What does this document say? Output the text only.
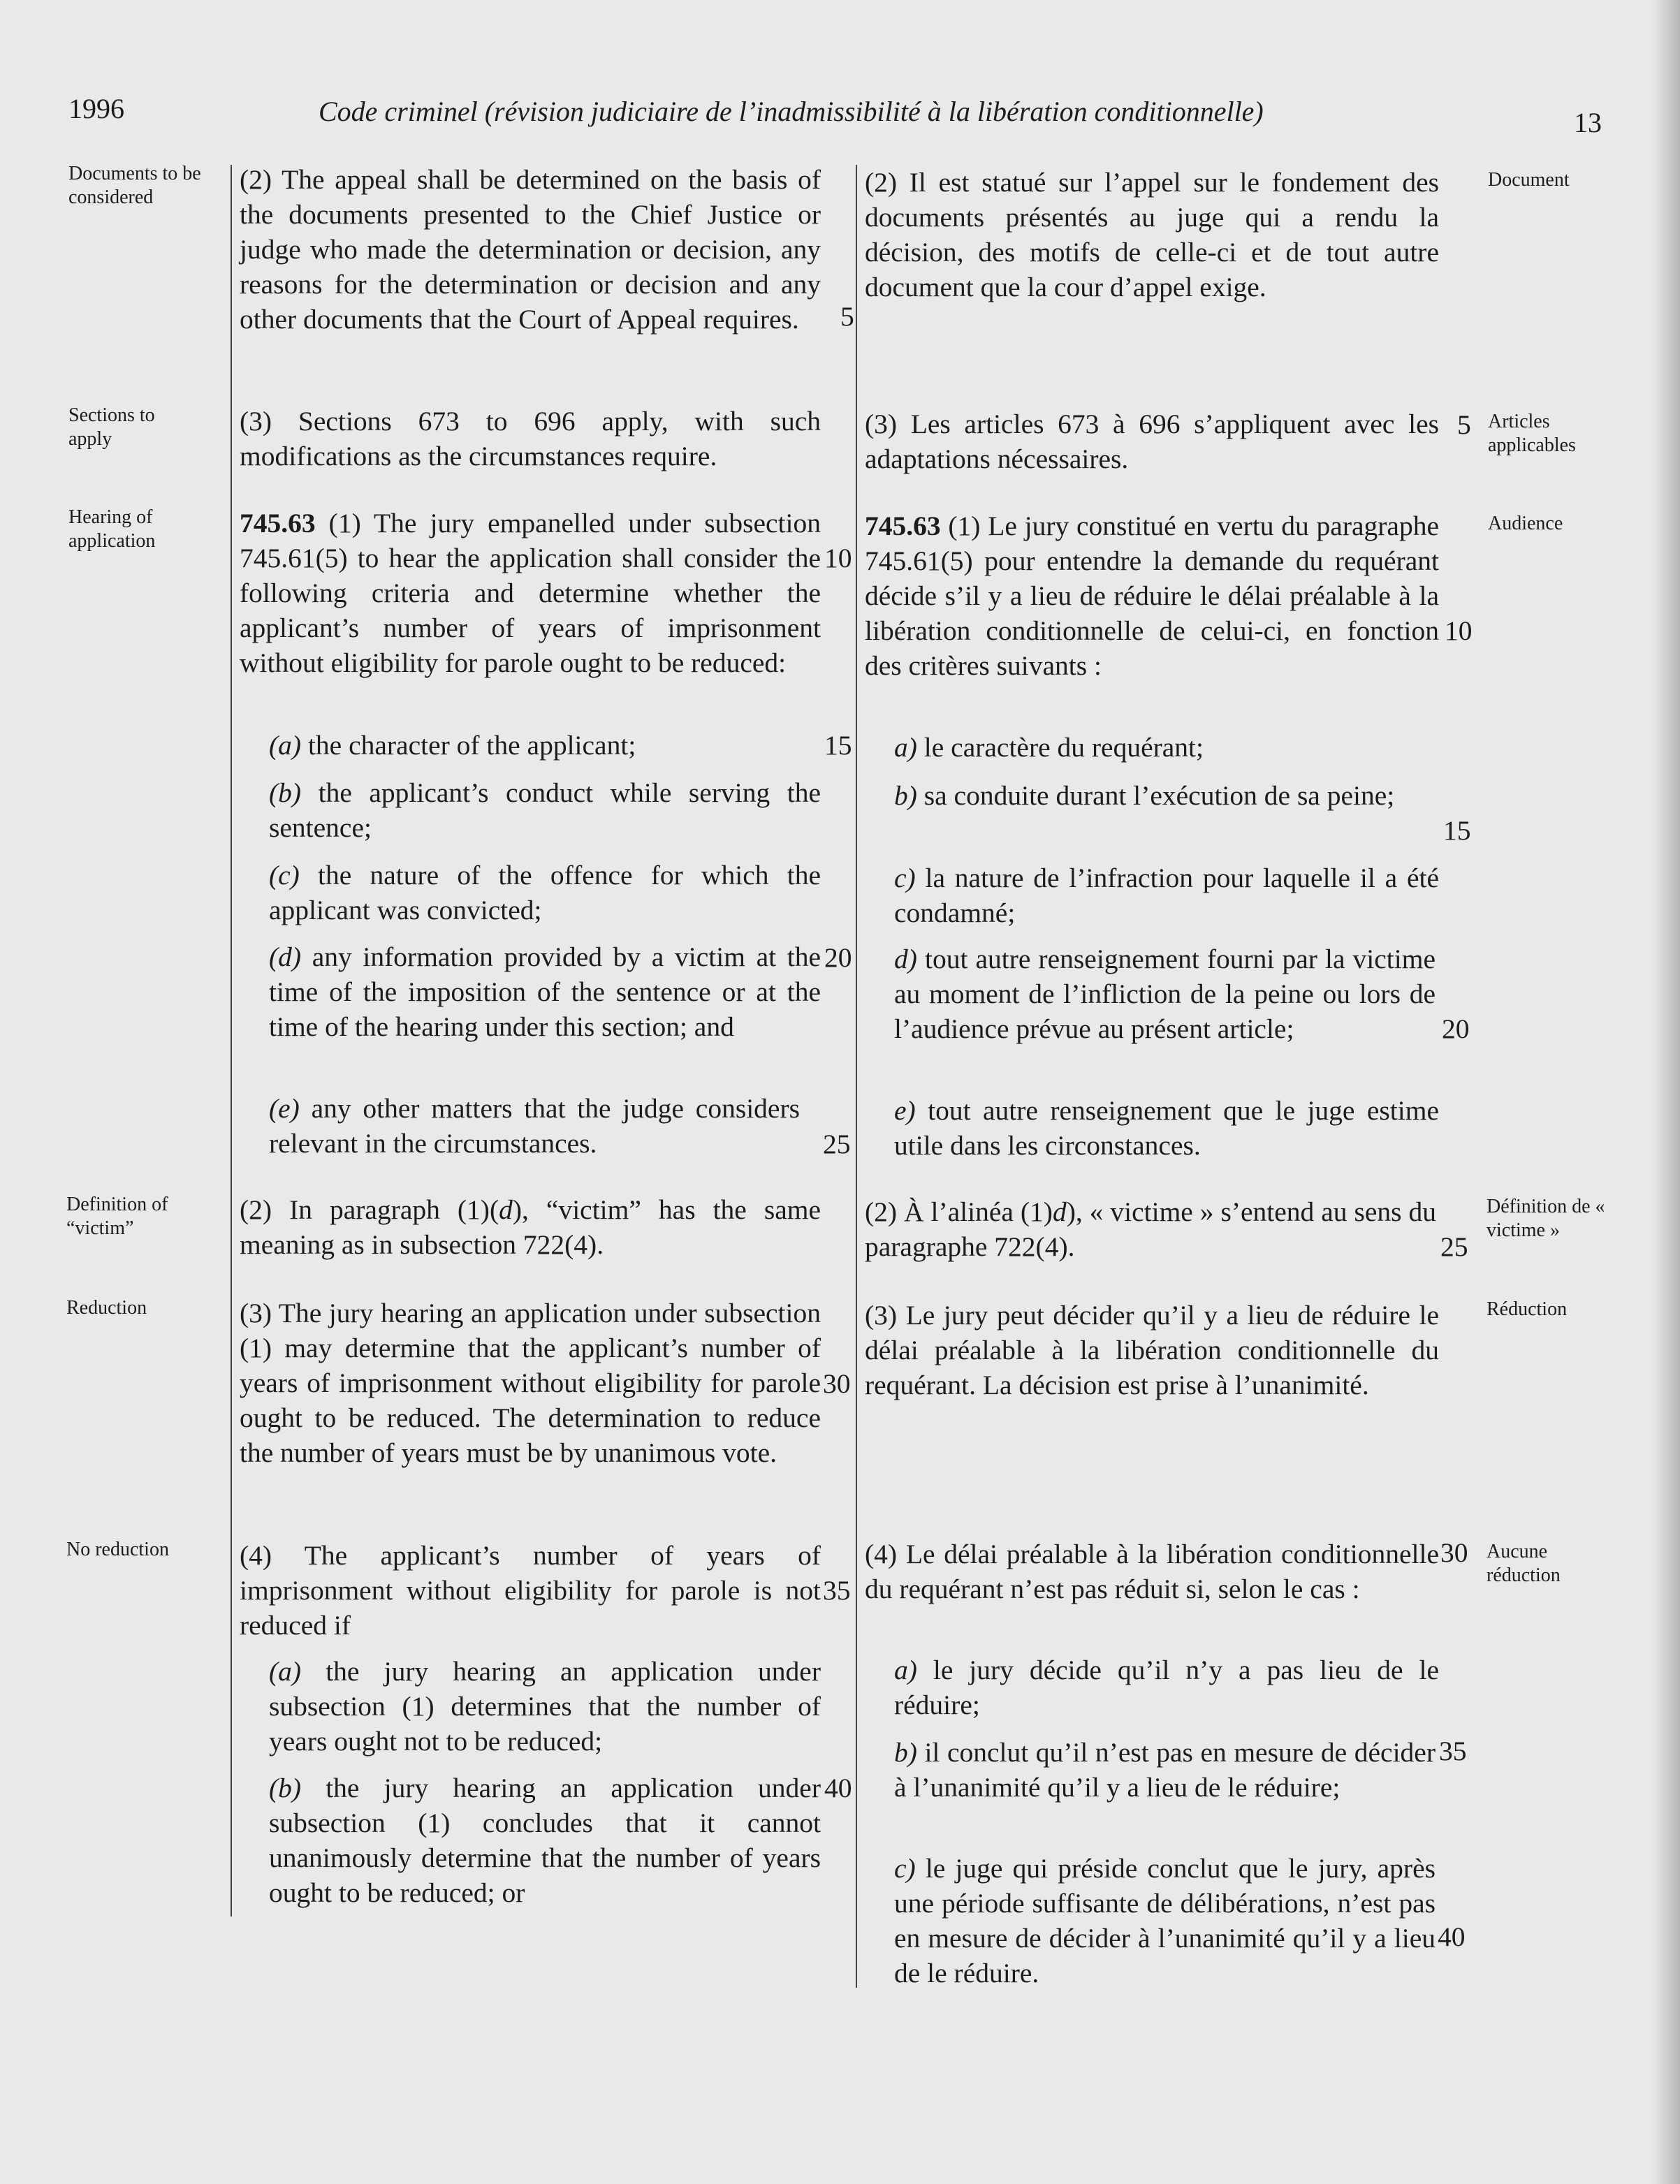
1996	Code criminel (révision judiciaire de l’inadmissibilité à la libération conditionnelle)	13
Documents to be considered
Sections to apply
Hearing of application
Definition of “victim”
Reduction
No reduction
Document
Articles applicables
Audience
Définition de « victime »
Réduction
Aucune réduction

(2) The appeal shall be determined on the basis of the documents presented to the Chief Justice or judge who made the determination or decision, any reasons for the determination or decision and any other documents that the Court of Appeal requires.

(3) Sections 673 to 696 apply, with such modifications as the circumstances require.

745.63 (1) The jury empanelled under subsection 745.61(5) to hear the application shall consider the following criteria and determine whether the applicant’s number of years of imprisonment without eligibility for parole ought to be reduced:

(a) the character of the applicant;

(b) the applicant’s conduct while serving the sentence;

(c) the nature of the offence for which the applicant was convicted;

(d) any information provided by a victim at the time of the imposition of the sentence or at the time of the hearing under this section; and

(e) any other matters that the judge considers relevant in the circumstances.

(2) In paragraph (1)(d), “victim” has the same meaning as in subsection 722(4).

(3) The jury hearing an application under subsection (1) may determine that the applicant’s number of years of imprisonment without eligibility for parole ought to be reduced. The determination to reduce the number of years must be by unanimous vote.

(4) The applicant’s number of years of imprisonment without eligibility for parole is not reduced if

(a) the jury hearing an application under subsection (1) determines that the number of years ought not to be reduced;

(b) the jury hearing an application under subsection (1) concludes that it cannot unanimously determine that the number of years ought to be reduced; or

5
10
15
20
25
30
35
40

(2) Il est statué sur l’appel sur le fondement des documents présentés au juge qui a rendu la décision, des motifs de celle-ci et de tout autre document que la cour d’appel exige.

(3) Les articles 673 à 696 s’appliquent avec les adaptations nécessaires.

745.63 (1) Le jury constitué en vertu du paragraphe 745.61(5) pour entendre la demande du requérant décide s’il y a lieu de réduire le délai préalable à la libération conditionnelle de celui-ci, en fonction des critères suivants :

a) le caractère du requérant;

b) sa conduite durant l’exécution de sa peine;

c) la nature de l’infraction pour laquelle il a été condamné;

d) tout autre renseignement fourni par la victime au moment de l’infliction de la peine ou lors de l’audience prévue au présent article;

e) tout autre renseignement que le juge estime utile dans les circonstances.

(2) À l’alinéa (1)d), « victime » s’entend au sens du paragraphe 722(4).

(3) Le jury peut décider qu’il y a lieu de réduire le délai préalable à la libération conditionnelle du requérant. La décision est prise à l’unanimité.

(4) Le délai préalable à la libération conditionnelle du requérant n’est pas réduit si, selon le cas :

a) le jury décide qu’il n’y a pas lieu de le réduire;

b) il conclut qu’il n’est pas en mesure de décider à l’unanimité qu’il y a lieu de le réduire;

c) le juge qui préside conclut que le jury, après une période suffisante de délibérations, n’est pas en mesure de décider à l’unanimité qu’il y a lieu de le réduire.

5
10
15
20
25
30
35
40
